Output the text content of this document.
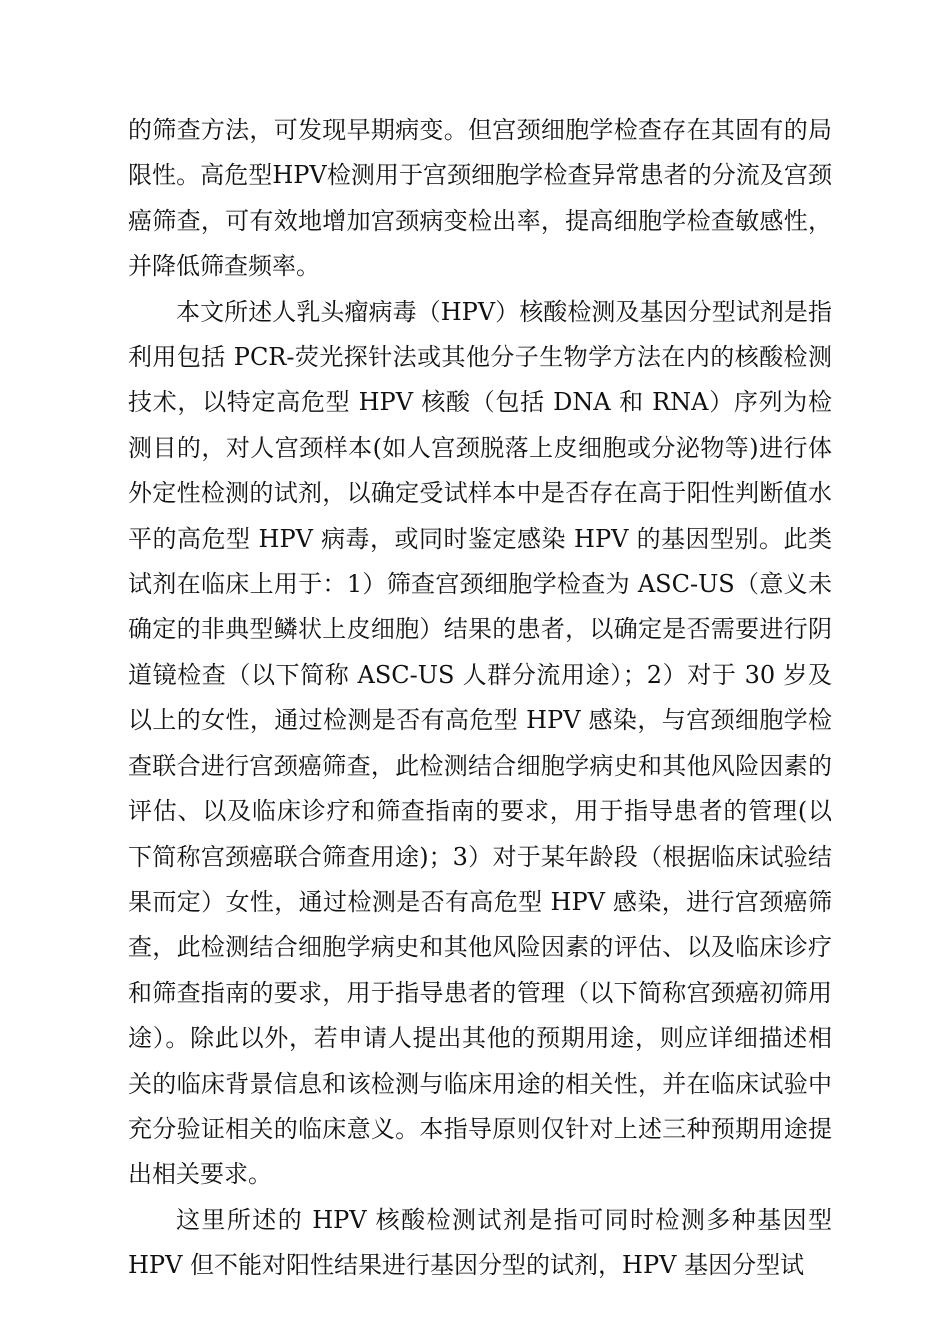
的筛查方法，可发现早期病变。但宫颈细胞学检查存在其固有的局限性。高危型HPV检测用于宫颈细胞学检查异常患者的分流及宫颈癌筛查，可有效地增加宫颈病变检出率，提高细胞学检查敏感性，并降低筛查频率。

本文所述人乳头瘤病毒（HPV）核酸检测及基因分型试剂是指利用包括 PCR-荧光探针法或其他分子生物学方法在内的核酸检测技术，以特定高危型 HPV 核酸（包括 DNA 和 RNA）序列为检测目的，对人宫颈样本(如人宫颈脱落上皮细胞或分泌物等)进行体外定性检测的试剂，以确定受试样本中是否存在高于阳性判断值水平的高危型 HPV 病毒，或同时鉴定感染 HPV 的基因型别。此类试剂在临床上用于：1）筛查宫颈细胞学检查为 ASC-US（意义未确定的非典型鳞状上皮细胞）结果的患者，以确定是否需要进行阴道镜检查（以下简称 ASC-US 人群分流用途）；2）对于 30 岁及以上的女性，通过检测是否有高危型 HPV 感染，与宫颈细胞学检查联合进行宫颈癌筛查，此检测结合细胞学病史和其他风险因素的评估、以及临床诊疗和筛查指南的要求，用于指导患者的管理(以下简称宫颈癌联合筛查用途)；3）对于某年龄段（根据临床试验结果而定）女性，通过检测是否有高危型 HPV 感染，进行宫颈癌筛查，此检测结合细胞学病史和其他风险因素的评估、以及临床诊疗和筛查指南的要求，用于指导患者的管理（以下简称宫颈癌初筛用途）。除此以外，若申请人提出其他的预期用途，则应详细描述相关的临床背景信息和该检测与临床用途的相关性，并在临床试验中充分验证相关的临床意义。本指导原则仅针对上述三种预期用途提出相关要求。

这里所述的 HPV 核酸检测试剂是指可同时检测多种基因型 HPV 但不能对阳性结果进行基因分型的试剂，HPV 基因分型试
